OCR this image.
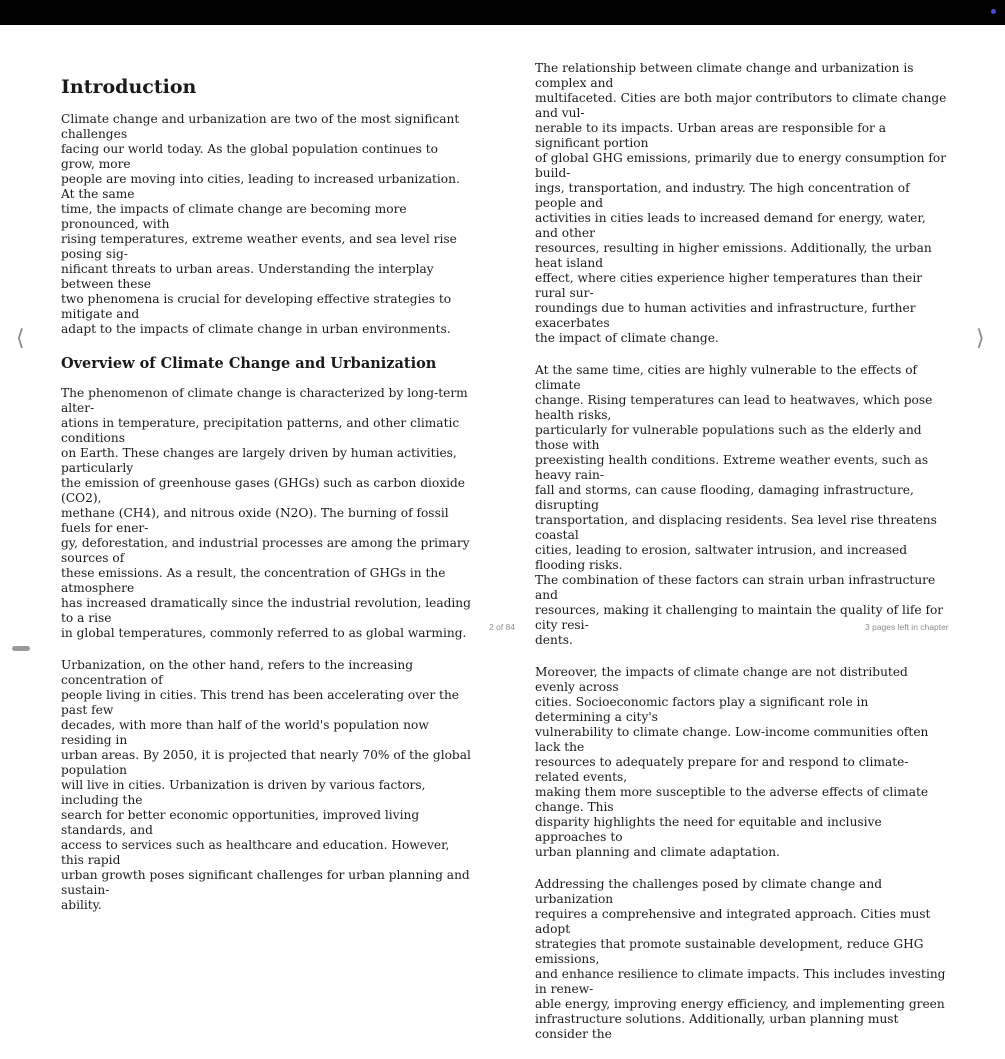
Introduction

Climate change and urbanization are two of the most significant challenges
facing our world today. As the global population continues to grow, more
people are moving into cities, leading to increased urbanization. At the same
time, the impacts of climate change are becoming more pronounced, with
rising temperatures, extreme weather events, and sea level rise posing sig-
nificant threats to urban areas. Understanding the interplay between these
two phenomena is crucial for developing effective strategies to mitigate and
adapt to the impacts of climate change in urban environments.

Overview of Climate Change and Urbanization

The phenomenon of climate change is characterized by long-term alter-
ations in temperature, precipitation patterns, and other climatic conditions
on Earth. These changes are largely driven by human activities, particularly
the emission of greenhouse gases (GHGs) such as carbon dioxide (CO2),
methane (CH4), and nitrous oxide (N2O). The burning of fossil fuels for ener-
gy, deforestation, and industrial processes are among the primary sources of
these emissions. As a result, the concentration of GHGs in the atmosphere
has increased dramatically since the industrial revolution, leading to a rise
in global temperatures, commonly referred to as global warming.

Urbanization, on the other hand, refers to the increasing concentration of
people living in cities. This trend has been accelerating over the past few
decades, with more than half of the world's population now residing in
urban areas. By 2050, it is projected that nearly 70% of the global population
will live in cities. Urbanization is driven by various factors, including the
search for better economic opportunities, improved living standards, and
access to services such as healthcare and education. However, this rapid
urban growth poses significant challenges for urban planning and sustain-
ability.

The relationship between climate change and urbanization is complex and
multifaceted. Cities are both major contributors to climate change and vul-
nerable to its impacts. Urban areas are responsible for a significant portion
of global GHG emissions, primarily due to energy consumption for build-
ings, transportation, and industry. The high concentration of people and
activities in cities leads to increased demand for energy, water, and other
resources, resulting in higher emissions. Additionally, the urban heat island
effect, where cities experience higher temperatures than their rural sur-
roundings due to human activities and infrastructure, further exacerbates
the impact of climate change.

At the same time, cities are highly vulnerable to the effects of climate
change. Rising temperatures can lead to heatwaves, which pose health risks,
particularly for vulnerable populations such as the elderly and those with
preexisting health conditions. Extreme weather events, such as heavy rain-
fall and storms, can cause flooding, damaging infrastructure, disrupting
transportation, and displacing residents. Sea level rise threatens coastal
cities, leading to erosion, saltwater intrusion, and increased flooding risks.
The combination of these factors can strain urban infrastructure and
resources, making it challenging to maintain the quality of life for city resi-
dents.

Moreover, the impacts of climate change are not distributed evenly across
cities. Socioeconomic factors play a significant role in determining a city's
vulnerability to climate change. Low-income communities often lack the
resources to adequately prepare for and respond to climate-related events,
making them more susceptible to the adverse effects of climate change. This
disparity highlights the need for equitable and inclusive approaches to
urban planning and climate adaptation.

Addressing the challenges posed by climate change and urbanization
requires a comprehensive and integrated approach. Cities must adopt
strategies that promote sustainable development, reduce GHG emissions,
and enhance resilience to climate impacts. This includes investing in renew-
able energy, improving energy efficiency, and implementing green
infrastructure solutions. Additionally, urban planning must consider the

⟨	⟩
2 of 84	3 pages left in chapter
